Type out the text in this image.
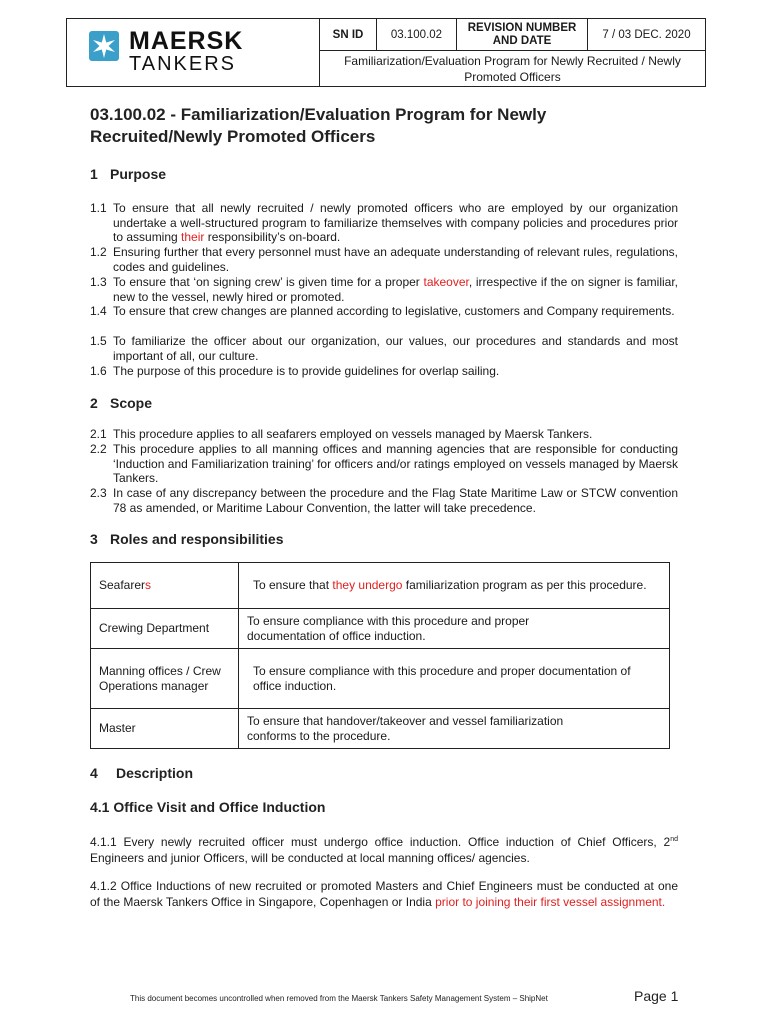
MAERSK
TANKERS
SN ID	03.100.02
REVISION NUMBER AND DATE	7 / 03 DEC. 2020
Familiarization/Evaluation Program for Newly Recruited / Newly Promoted Officers
03.100.02 - Familiarization/Evaluation Program for Newly Recruited/Newly Promoted Officers
1 Purpose
1.1 To ensure that all newly recruited / newly promoted officers who are employed by our organization undertake a well-structured program to familiarize themselves with company policies and procedures prior to assuming their responsibility’s on-board.
1.2 Ensuring further that every personnel must have an adequate understanding of relevant rules, regulations, codes and guidelines.
1.3 To ensure that ‘on signing crew’ is given time for a proper takeover, irrespective if the on signer is familiar, new to the vessel, newly hired or promoted.
1.4 To ensure that crew changes are planned according to legislative, customers and Company requirements.
1.5 To familiarize the officer about our organization, our values, our procedures and standards and most important of all, our culture.
1.6 The purpose of this procedure is to provide guidelines for overlap sailing.
2 Scope
2.1 This procedure applies to all seafarers employed on vessels managed by Maersk Tankers.
2.2 This procedure applies to all manning offices and manning agencies that are responsible for conducting ‘Induction and Familiarization training’ for officers and/or ratings employed on vessels managed by Maersk Tankers.
2.3 In case of any discrepancy between the procedure and the Flag State Maritime Law or STCW convention 78 as amended, or Maritime Labour Convention, the latter will take precedence.
3 Roles and responsibilities
Seafarers	To ensure that they undergo familiarization program as per this procedure.
Crewing Department	To ensure compliance with this procedure and proper documentation of office induction.
Manning offices / Crew Operations manager	To ensure compliance with this procedure and proper documentation of office induction.
Master	To ensure that handover/takeover and vessel familiarization conforms to the procedure.
4 Description
4.1 Office Visit and Office Induction
4.1.1 Every newly recruited officer must undergo office induction. Office induction of Chief Officers, 2nd Engineers and junior Officers, will be conducted at local manning offices/ agencies.
4.1.2 Office Inductions of new recruited or promoted Masters and Chief Engineers must be conducted at one of the Maersk Tankers Office in Singapore, Copenhagen or India prior to joining their first vessel assignment.
This document becomes uncontrolled when removed from the Maersk Tankers Safety Management System – ShipNet	Page 1
